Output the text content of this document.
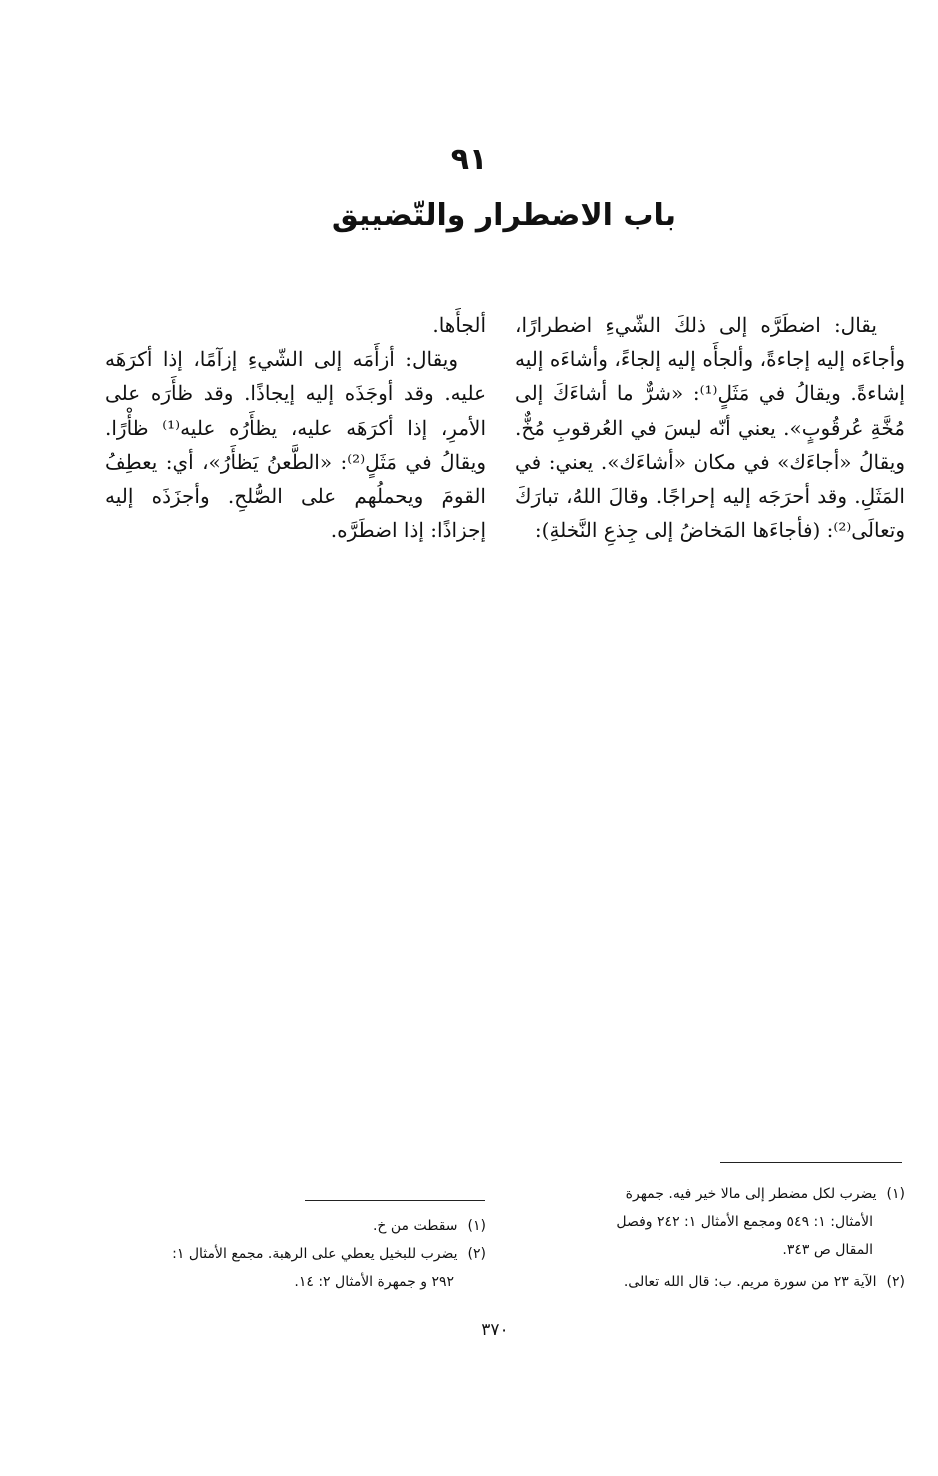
٩١
باب الاضطرار والتّضييق

يقال: اضطَرَّه إلى ذلكَ الشّيءِ اضطرارًا، وأجاءَه إليه إجاءةً، وألجأَه إليه إلجاءً، وأشاءَه إليه إشاءةً. ويقالُ في مَثَلٍ⁽¹⁾: «شرٌّ ما أشاءَكَ إلى مُخَّةِ عُرقُوبٍ». يعني أنّه ليسَ في العُرقوبِ مُخٌّ. ويقالُ «أجاءَك» في مكان «أشاءَك». يعني: في المَثَلِ. وقد أحرَجَه إليه إحراجًا. وقالَ اللهُ، تبارَكَ وتعالَى⁽²⁾: (فأجاءَها المَخاضُ إلى جِذعِ النَّخلةِ):

ألجأَها.

ويقال: أزأَمَه إلى الشّيءِ إزآمًا، إذا أكرَهَه عليه. وقد أوجَذَه إليه إيجاذًا. وقد ظأَرَه على الأمرِ، إذا أكرَهَه عليه، يظأَرُه عليه⁽¹⁾ ظأْرًا. ويقالُ في مَثَلٍ⁽²⁾: «الطَّعنُ يَظأَرُ»، أي: يعطِفُ القومَ ويحملُهم على الصُّلحِ. وأجزَذَه إليه إجزاذًا: إذا اضطَرَّه.

(١)يضرب لكل مضطر إلى مالا خير فيه. جمهرة

الأمثال: ١: ٥٤٩ ومجمع الأمثال ١: ٢٤٢ وفصل

المقال ص ٣٤٣.

(٢)الآية ٢٣ من سورة مريم. ب: قال الله تعالى.

(١)سقطت من خ.

(٢)يضرب للبخيل يعطي على الرهبة. مجمع الأمثال ١:

٢٩٢ و جمهرة الأمثال ٢: ١٤.

٣٧٠
